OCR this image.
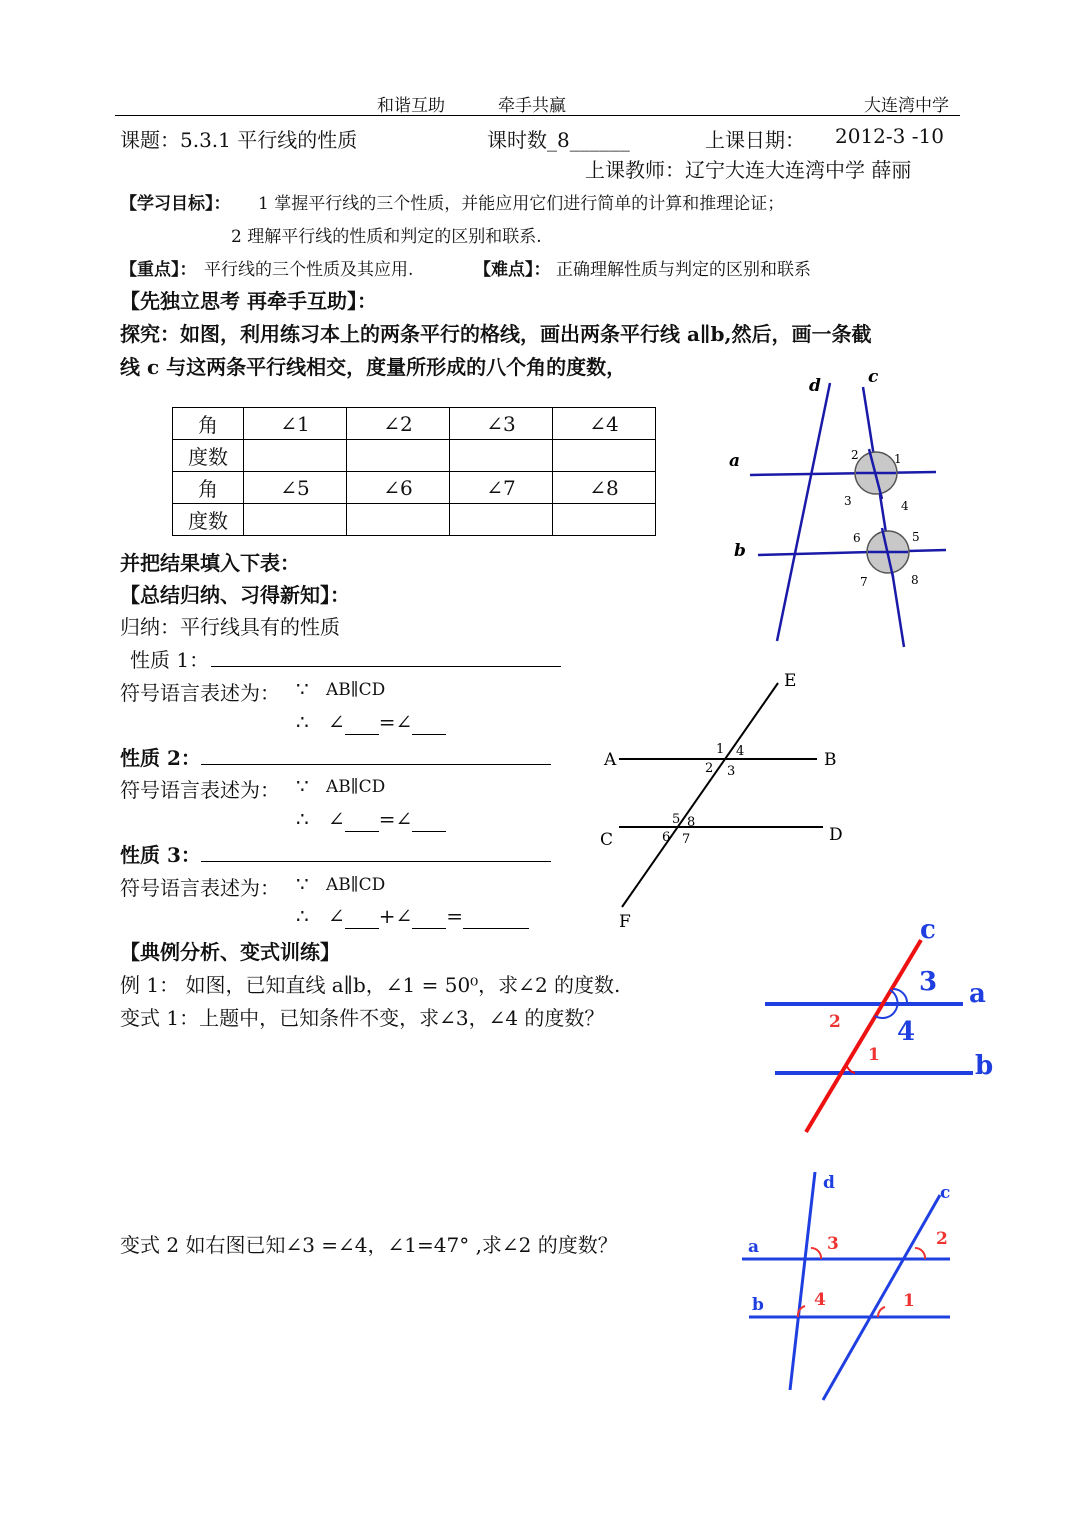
和谐互助	牵手共赢	大连湾中学
课题：5.3.1 平行线的性质	课时数_8______	上课日期： 2012-3 -10
上课教师：辽宁大连大连湾中学 薛丽
【学习目标】： 1 掌握平行线的三个性质，并能应用它们进行简单的计算和推理论证；
2 理解平行线的性质和判定的区别和联系.
【重点】： 平行线的三个性质及其应用.	【难点】： 正确理解性质与判定的区别和联系
【先独立思考 再牵手互助】：
探究：如图，利用练习本上的两条平行的格线，画出两条平行线 a∥b,然后，画一条截
线 c 与这两条平行线相交，度量所形成的八个角的度数，
角	∠1	∠2	∠3	∠4
度数				
角	∠5	∠6	∠7	∠8
度数				
并把结果填入下表：
【总结归纳、习得新知】：
归纳：平行线具有的性质
性质 1：
符号语言表述为： ∵ AB∥CD
∴ ∠ =∠
性质 2：
符号语言表述为： ∵ AB∥CD
∴ ∠ =∠
性质 3：
符号语言表述为： ∵ AB∥CD
∴ ∠ +∠ =
【典例分析、变式训练】
例 1： 如图，已知直线 a∥b，∠1 = 50⁰，求∠2 的度数.
变式 1：上题中，已知条件不变，求∠3，∠4 的度数？
变式 2 如右图已知∠3 =∠4，∠1=47° ,求∠2 的度数？
d	c
a
b
1
2
3	4
5
6
7	8
E
A	B
C	D
F
1 4
2 3
5 8
6 7
c
3 a
2 4
1	b
d	c
a	3	2
b	4	1
